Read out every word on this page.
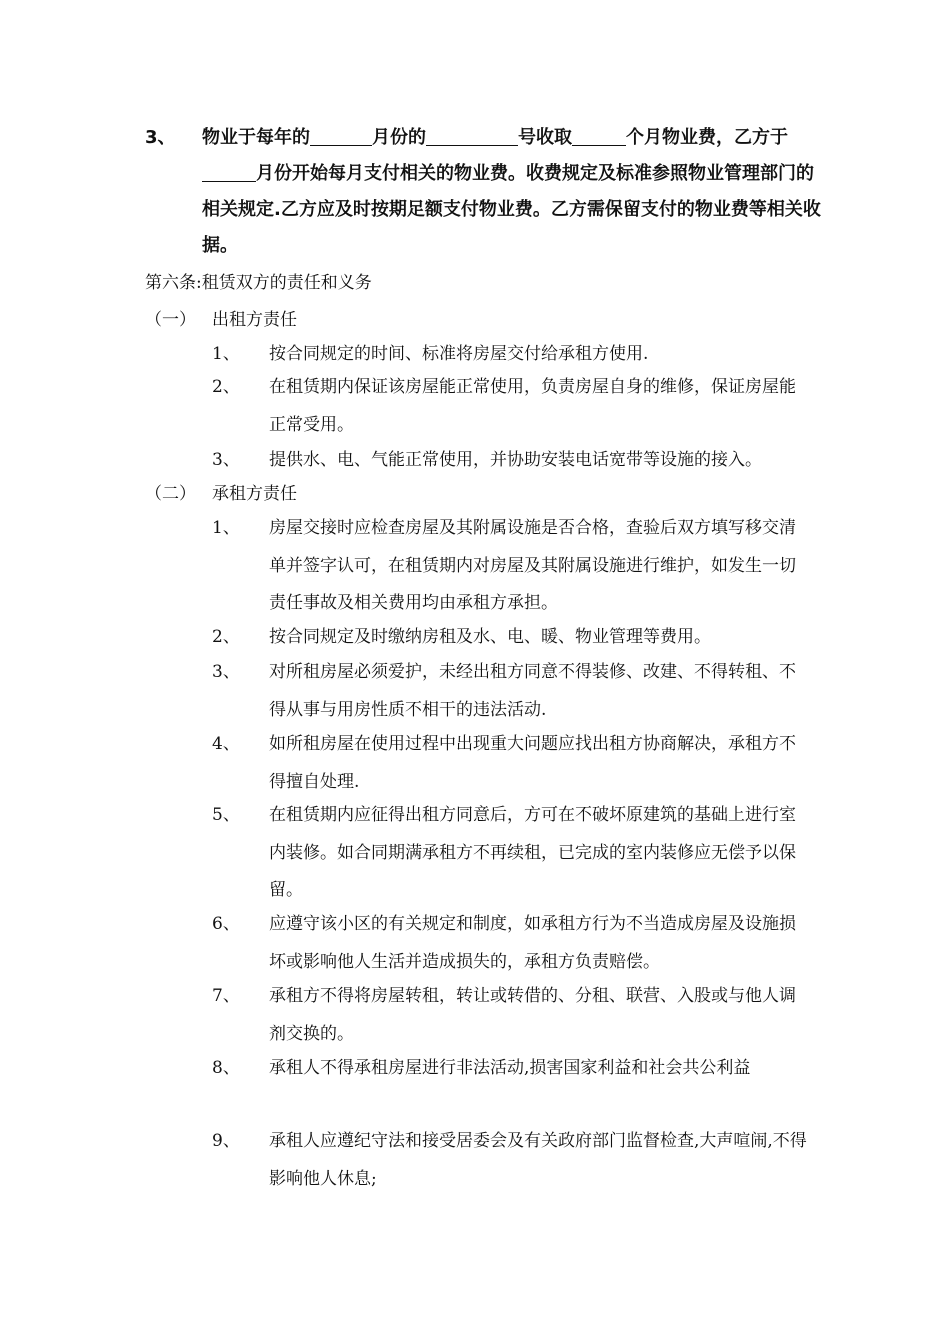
3、 物业于每年的	月份的	号收取	个月物业费，乙方于月份开始每月支付相关的物业费。收费规定及标准参照物业管理部门的相关规定.乙方应及时按期足额支付物业费。乙方需保留支付的物业费等相关收据。
第六条:租赁双方的责任和义务
（一） 出租方责任
1、 按合同规定的时间、标准将房屋交付给承租方使用.
2、 在租赁期内保证该房屋能正常使用，负责房屋自身的维修，保证房屋能正常受用。
3、 提供水、电、气能正常使用，并协助安装电话宽带等设施的接入。
（二） 承租方责任
1、 房屋交接时应检查房屋及其附属设施是否合格，查验后双方填写移交清单并签字认可，在租赁期内对房屋及其附属设施进行维护，如发生一切责任事故及相关费用均由承租方承担。
2、 按合同规定及时缴纳房租及水、电、暖、物业管理等费用。
3、 对所租房屋必须爱护，未经出租方同意不得装修、改建、不得转租、不得从事与用房性质不相干的违法活动.
4、 如所租房屋在使用过程中出现重大问题应找出租方协商解决，承租方不得擅自处理.
5、 在租赁期内应征得出租方同意后，方可在不破坏原建筑的基础上进行室内装修。如合同期满承租方不再续租，已完成的室内装修应无偿予以保留。
6、 应遵守该小区的有关规定和制度，如承租方行为不当造成房屋及设施损坏或影响他人生活并造成损失的，承租方负责赔偿。
7、 承租方不得将房屋转租，转让或转借的、分租、联营、入股或与他人调剂交换的。
8、 承租人不得承租房屋进行非法活动,损害国家利益和社会共公利益
9、 承租人应遵纪守法和接受居委会及有关政府部门监督检查,大声喧闹,不得影响他人休息;
